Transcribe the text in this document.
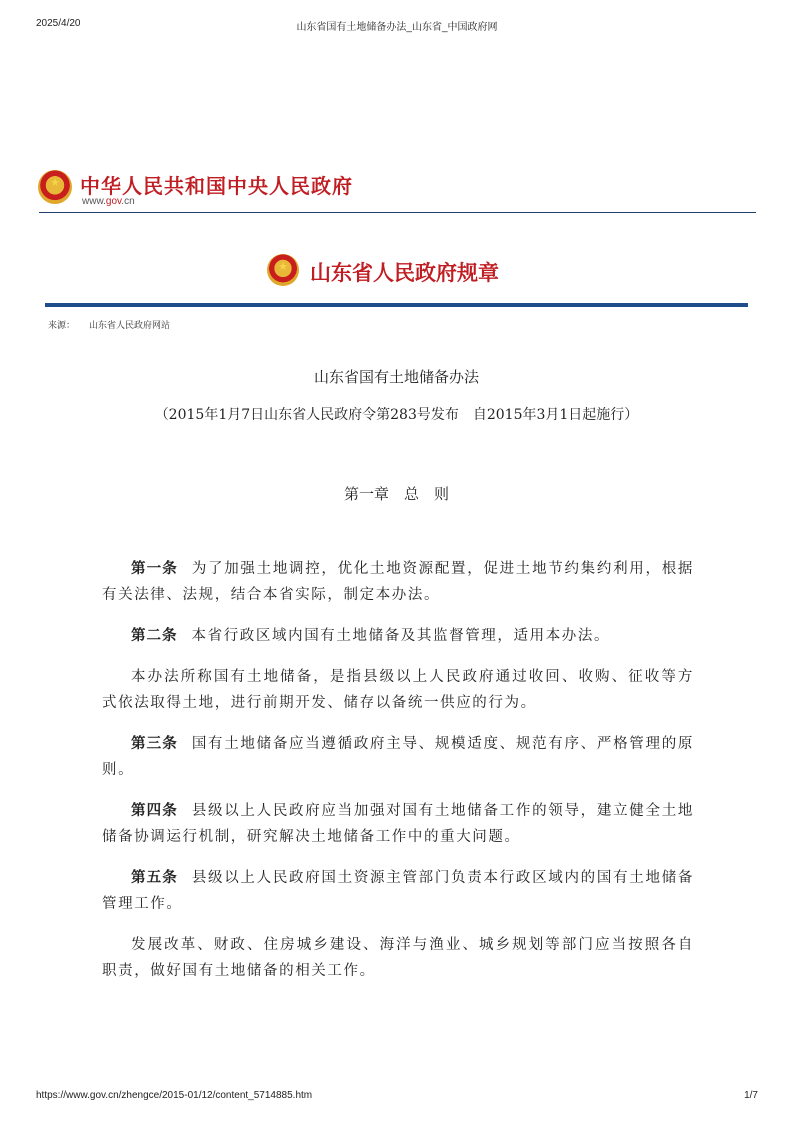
2025/4/20	山东省国有土地储备办法_山东省_中国政府网
★	中华人民共和国中央人民政府
www.gov.cn
★	山东省人民政府规章
来源： 山东省人民政府网站
山东省国有土地储备办法
（2015年1月7日山东省人民政府令第283号发布　自2015年3月1日起施行）
第一章　总　则

第一条 为了加强土地调控，优化土地资源配置，促进土地节约集约利用，根据有关法律、法规，结合本省实际，制定本办法。

第二条 本省行政区域内国有土地储备及其监督管理，适用本办法。

本办法所称国有土地储备，是指县级以上人民政府通过收回、收购、征收等方式依法取得土地，进行前期开发、储存以备统一供应的行为。

第三条 国有土地储备应当遵循政府主导、规模适度、规范有序、严格管理的原则。

第四条 县级以上人民政府应当加强对国有土地储备工作的领导，建立健全土地储备协调运行机制，研究解决土地储备工作中的重大问题。

第五条 县级以上人民政府国土资源主管部门负责本行政区域内的国有土地储备管理工作。

发展改革、财政、住房城乡建设、海洋与渔业、城乡规划等部门应当按照各自职责，做好国有土地储备的相关工作。

https://www.gov.cn/zhengce/2015-01/12/content_5714885.htm	1/7
